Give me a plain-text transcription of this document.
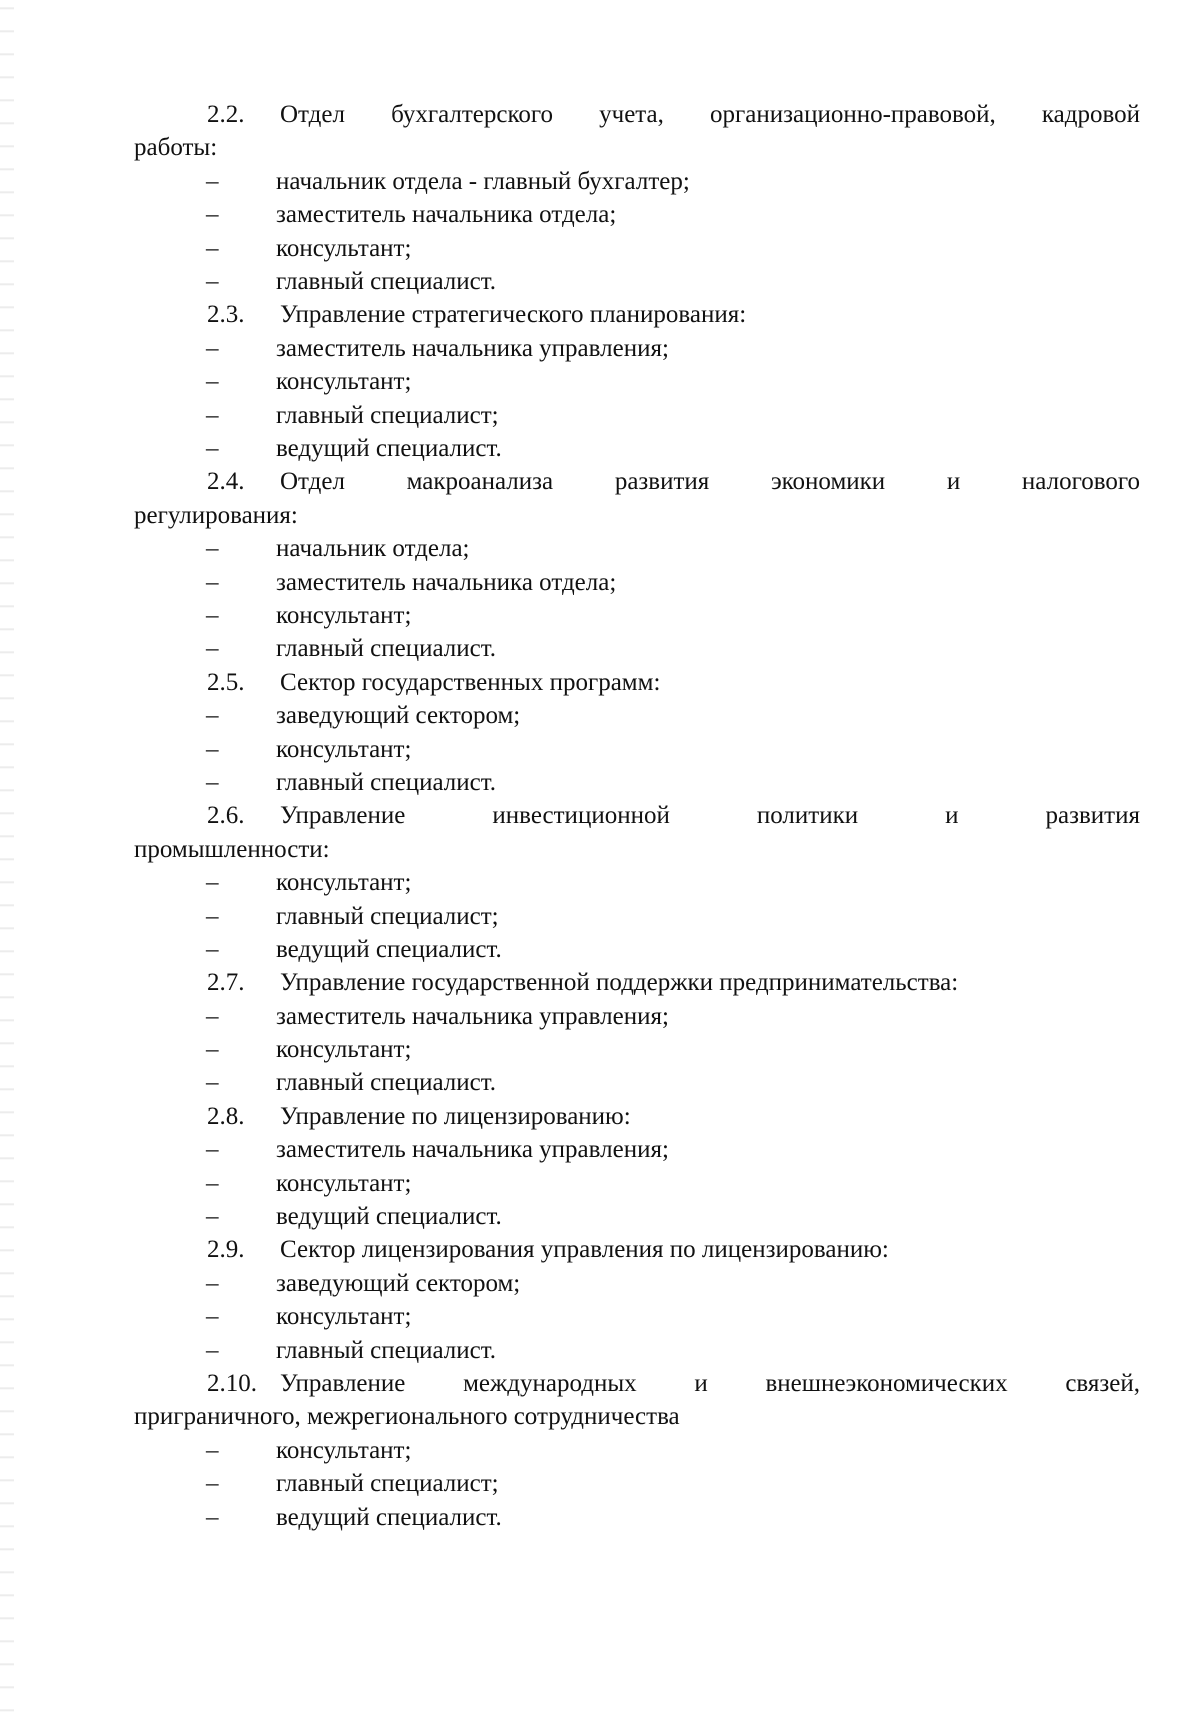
2.2. Отдел бухгалтерского учета, организационно-правовой, кадровой
работы:
–	начальник отдела - главный бухгалтер;
–	заместитель начальника отдела;
–	консультант;
–	главный специалист.
2.3.	Управление стратегического планирования:
–	заместитель начальника управления;
–	консультант;
–	главный специалист;
–	ведущий специалист.
2.4. Отдел макроанализа развития экономики и налогового
регулирования:
–	начальник отдела;
–	заместитель начальника отдела;
–	консультант;
–	главный специалист.
2.5.	Сектор государственных программ:
–	заведующий сектором;
–	консультант;
–	главный специалист.
2.6. Управление инвестиционной политики и развития
промышленности:
–	консультант;
–	главный специалист;
–	ведущий специалист.
2.7.	Управление государственной поддержки предпринимательства:
–	заместитель начальника управления;
–	консультант;
–	главный специалист.
2.8.	Управление по лицензированию:
–	заместитель начальника управления;
–	консультант;
–	ведущий специалист.
2.9.	Сектор лицензирования управления по лицензированию:
–	заведующий сектором;
–	консультант;
–	главный специалист.
2.10. Управление международных и внешнеэкономических связей,
приграничного, межрегионального сотрудничества
–	консультант;
–	главный специалист;
–	ведущий специалист.
